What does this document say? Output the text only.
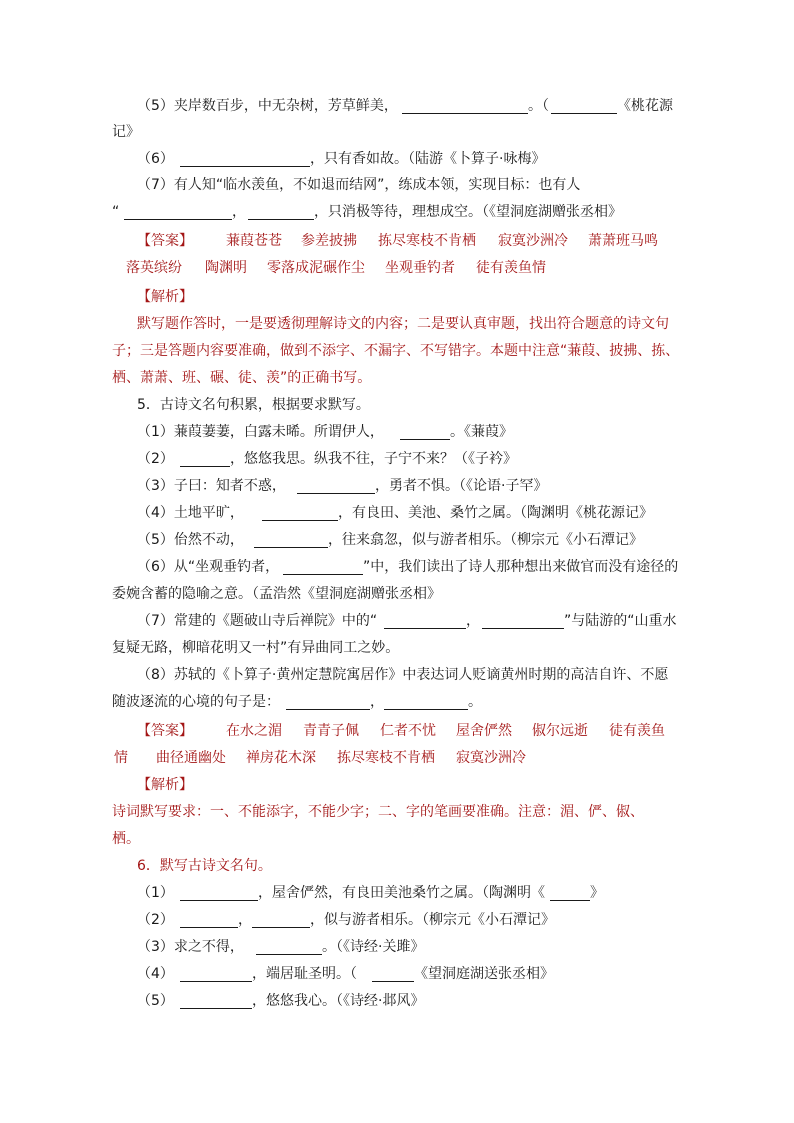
（5）夹岸数百步，中无杂树，芳草鲜美，	。（	《桃花源
记》
（6）	，只有香如故。（陆游《卜算子·咏梅》
（7）有人知“临水羡鱼，不如退而结网”，练成本领，实现目标：也有人
“	，	，只消极等待，理想成空。（《望洞庭湖赠张丞相》
【答案】 蒹葭苍苍 参差披拂 拣尽寒枝不肯栖 寂寞沙洲冷 萧萧班马鸣
落英缤纷 陶渊明 零落成泥碾作尘 坐观垂钓者 徒有羡鱼情
【解析】
默写题作答时，一是要透彻理解诗文的内容；二是要认真审题，找出符合题意的诗文句
子；三是答题内容要准确，做到不添字、不漏字、不写错字。本题中注意“蒹葭、披拂、拣、
栖、萧萧、班、碾、徒、羡”的正确书写。
5．古诗文名句积累，根据要求默写。
（1）蒹葭萋萋，白露未晞。所谓伊人，	。《蒹葭》
（2）	，悠悠我思。纵我不往，子宁不来？（《子衿》
（3）子曰：知者不惑，	，勇者不惧。（《论语·子罕》
（4）土地平旷，	，有良田、美池、桑竹之属。（陶渊明《桃花源记》
（5）佁然不动，	，往来翕忽，似与游者相乐。（柳宗元《小石潭记》
（6）从“坐观垂钓者，	”中，我们读出了诗人那种想出来做官而没有途径的
委婉含蓄的隐喻之意。（孟浩然《望洞庭湖赠张丞相》
（7）常建的《题破山寺后禅院》中的“	，	”与陆游的“山重水
复疑无路，柳暗花明又一村”有异曲同工之妙。
（8）苏轼的《卜算子·黄州定慧院寓居作》中表达词人贬谪黄州时期的高洁自许、不愿
随波逐流的心境的句子是：	，	。
【答案】 在水之湄 青青子佩 仁者不忧 屋舍俨然 俶尔远逝 徒有羡鱼
情 曲径通幽处 禅房花木深 拣尽寒枝不肯栖 寂寞沙洲冷
【解析】
诗词默写要求：一、不能添字，不能少字；二、字的笔画要准确。注意：湄、俨、俶、
栖。
6．默写古诗文名句。
（1）	，屋舍俨然，有良田美池桑竹之属。（陶渊明《	》
（2）	，	，似与游者相乐。（柳宗元《小石潭记》
（3）求之不得，	。（《诗经·关雎》
（4）	，端居耻圣明。（	《望洞庭湖送张丞相》
（5）	，悠悠我心。（《诗经·邶风》
